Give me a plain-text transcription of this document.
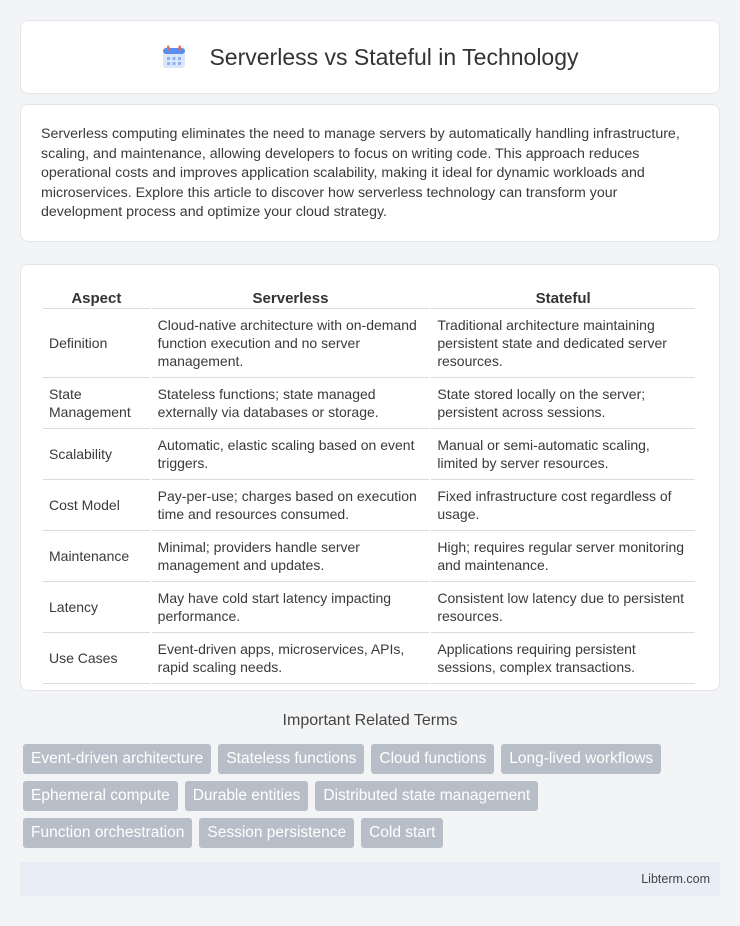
Serverless vs Stateful in Technology

Serverless computing eliminates the need to manage servers by automatically handling infrastructure, scaling, and maintenance, allowing developers to focus on writing code. This approach reduces operational costs and improves application scalability, making it ideal for dynamic workloads and microservices. Explore this article to discover how serverless technology can transform your development process and optimize your cloud strategy.

Aspect	Serverless	Stateful
Definition	Cloud-native architecture with on-demand function execution and no server management.	Traditional architecture maintaining persistent state and dedicated server resources.
State Management	Stateless functions; state managed externally via databases or storage.	State stored locally on the server; persistent across sessions.
Scalability	Automatic, elastic scaling based on event triggers.	Manual or semi-automatic scaling, limited by server resources.
Cost Model	Pay-per-use; charges based on execution time and resources consumed.	Fixed infrastructure cost regardless of usage.
Maintenance	Minimal; providers handle server management and updates.	High; requires regular server monitoring and maintenance.
Latency	May have cold start latency impacting performance.	Consistent low latency due to persistent resources.
Use Cases	Event-driven apps, microservices, APIs, rapid scaling needs.	Applications requiring persistent sessions, complex transactions.
Important Related Terms
Event-driven architecture	Stateless functions	Cloud functions	Long-lived workflows
Ephemeral compute	Durable entities	Distributed state management
Function orchestration	Session persistence	Cold start
Libterm.com
